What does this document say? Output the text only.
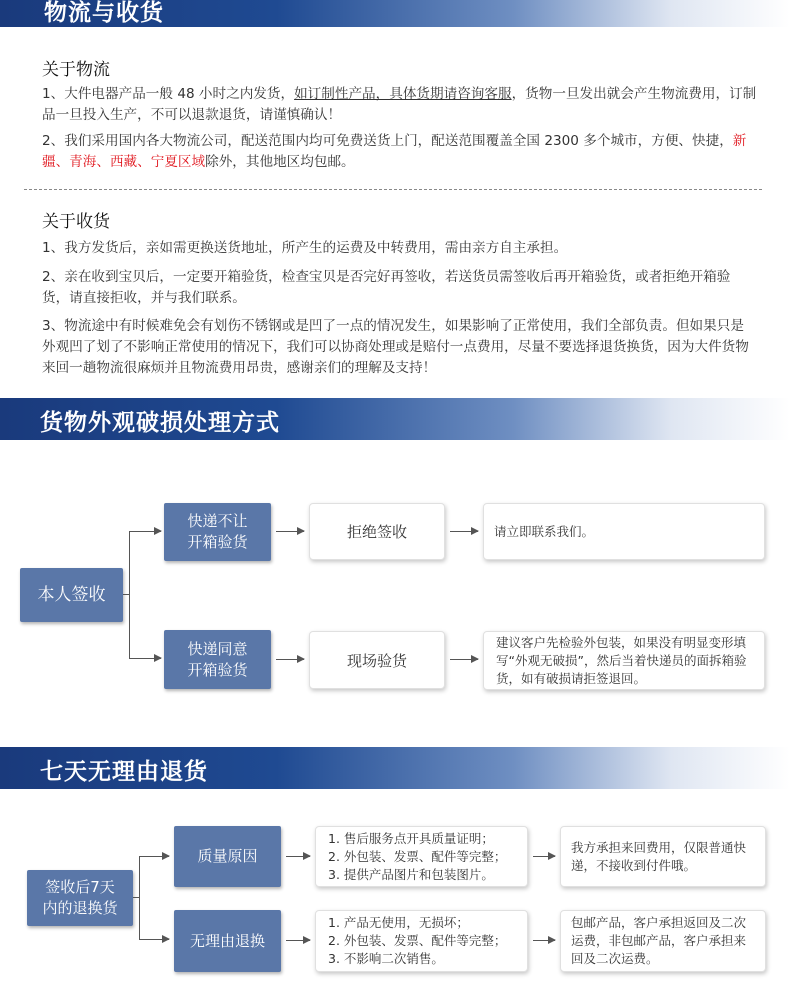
物流与收货
关于物流
1、大件电器产品一般 48 小时之内发货，如订制性产品，具体货期请咨询客服，货物一旦发出就会产生物流费用，订制品一旦投入生产，不可以退款退货，请谨慎确认！
2、我们采用国内各大物流公司，配送范围内均可免费送货上门，配送范围覆盖全国 2300 多个城市，方便、快捷，新疆、青海、西藏、宁夏区域除外，其他地区均包邮。
关于收货
1、我方发货后，亲如需更换送货地址，所产生的运费及中转费用，需由亲方自主承担。
2、亲在收到宝贝后，一定要开箱验货，检查宝贝是否完好再签收，若送货员需签收后再开箱验货，或者拒绝开箱验货，请直接拒收，并与我们联系。
3、物流途中有时候难免会有划伤不锈钢或是凹了一点的情况发生，如果影响了正常使用，我们全部负责。但如果只是外观凹了划了不影响正常使用的情况下，我们可以协商处理或是赔付一点费用，尽量不要选择退货换货，因为大件货物来回一趟物流很麻烦并且物流费用昂贵，感谢亲们的理解及支持！
货物外观破损处理方式
本人签收
快递不让
开箱验货
拒绝签收	请立即联系我们。
快递同意
开箱验货	现场验货
建议客户先检验外包装，如果没有明显变形填写“外观无破损”，然后当着快递员的面拆箱验货，如有破损请拒签退回。
七天无理由退货
签收后7天
内的退换货
质量原因
1. 售后服务点开具质量证明；
2. 外包装、发票、配件等完整；
3. 提供产品图片和包装图片。
我方承担来回费用，仅限普通快递，不接收到付件哦。
无理由退换
1. 产品无使用，无损坏；
2. 外包装、发票、配件等完整；
3. 不影响二次销售。
包邮产品，客户承担返回及二次运费，非包邮产品，客户承担来回及二次运费。
